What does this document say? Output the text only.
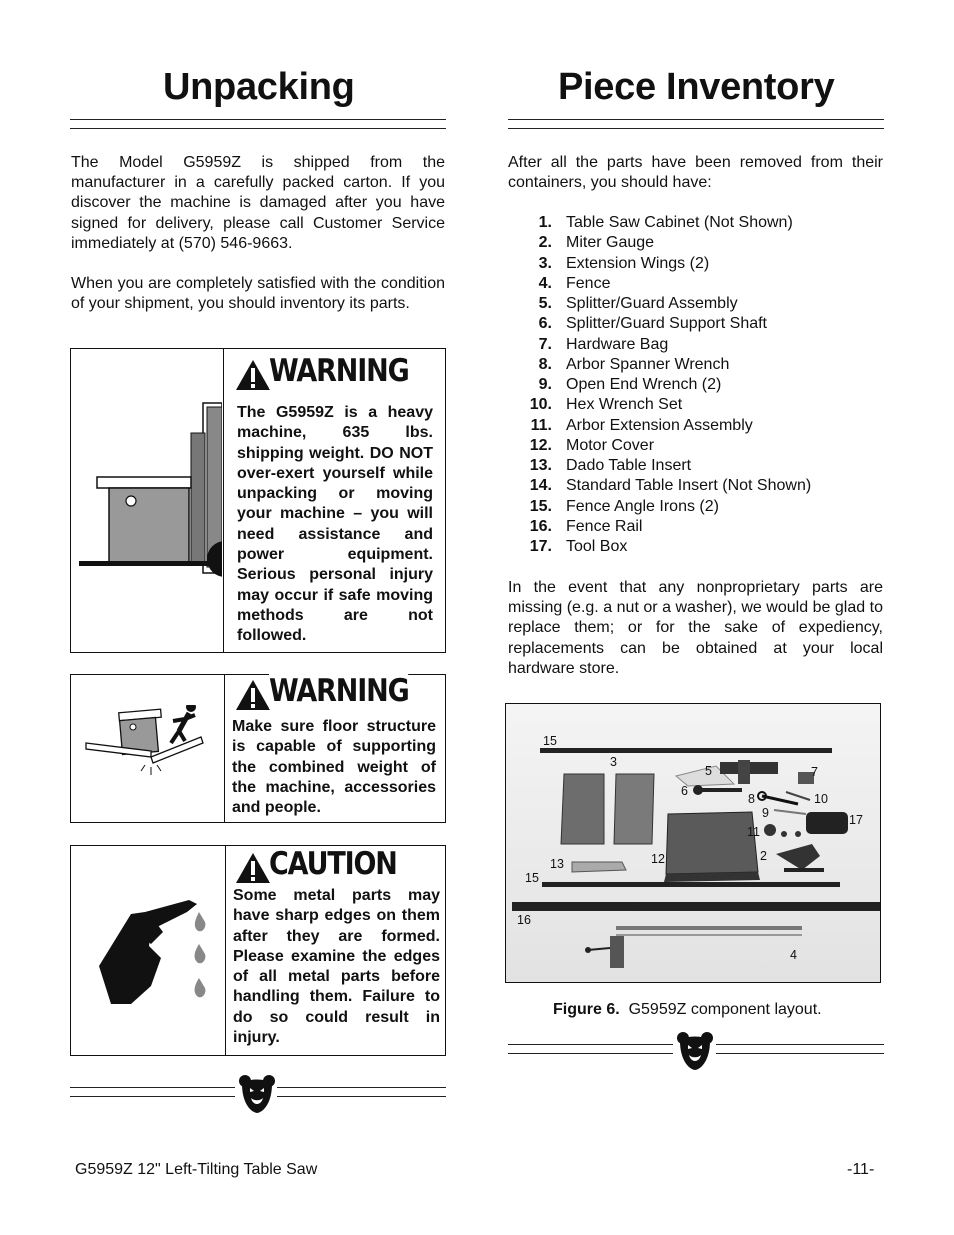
Unpacking

The Model G5959Z is shipped from the manufacturer in a carefully packed carton. If you discover the machine is damaged after you have signed for delivery, please call Customer Service immediately at (570) 546-9663.

When you are completely satisfied with the condition of your shipment, you should inventory its parts.

WARNING
The G5959Z is a heavy machine, 635 lbs. shipping weight. DO NOT over-exert yourself while unpacking or moving your machine – you will need assistance and power equipment. Serious personal injury may occur if safe moving methods are not followed.
WARNING
Make sure floor structure is capable of supporting the combined weight of the machine, accessories and people.
CAUTION
Some metal parts may have sharp edges on them after they are formed. Please examine the edges of all metal parts before handling them. Failure to do so could result in injury.
Piece Inventory

After all the parts have been removed from their containers, you should have:

1. Table Saw Cabinet (Not Shown)
2. Miter Gauge
3. Extension Wings (2)
4. Fence
5. Splitter/Guard Assembly
6. Splitter/Guard Support Shaft
7. Hardware Bag
8. Arbor Spanner Wrench
9. Open End Wrench (2)
10. Hex Wrench Set
11. Arbor Extension Assembly
12. Motor Cover
13. Dado Table Insert
14. Standard Table Insert (Not Shown)
15. Fence Angle Irons (2)
16. Fence Rail
17. Tool Box

In the event that any nonproprietary parts are missing (e.g. a nut or a washer), we would be glad to replace them; or for the sake of expediency, replacements can be obtained at your local hardware store.

15
3
5	7
6
8	10
9	17
11
2
12
13
15
16
4
Figure 6. G5959Z component layout.
G5959Z 12" Left-Tilting Table Saw	-11-
